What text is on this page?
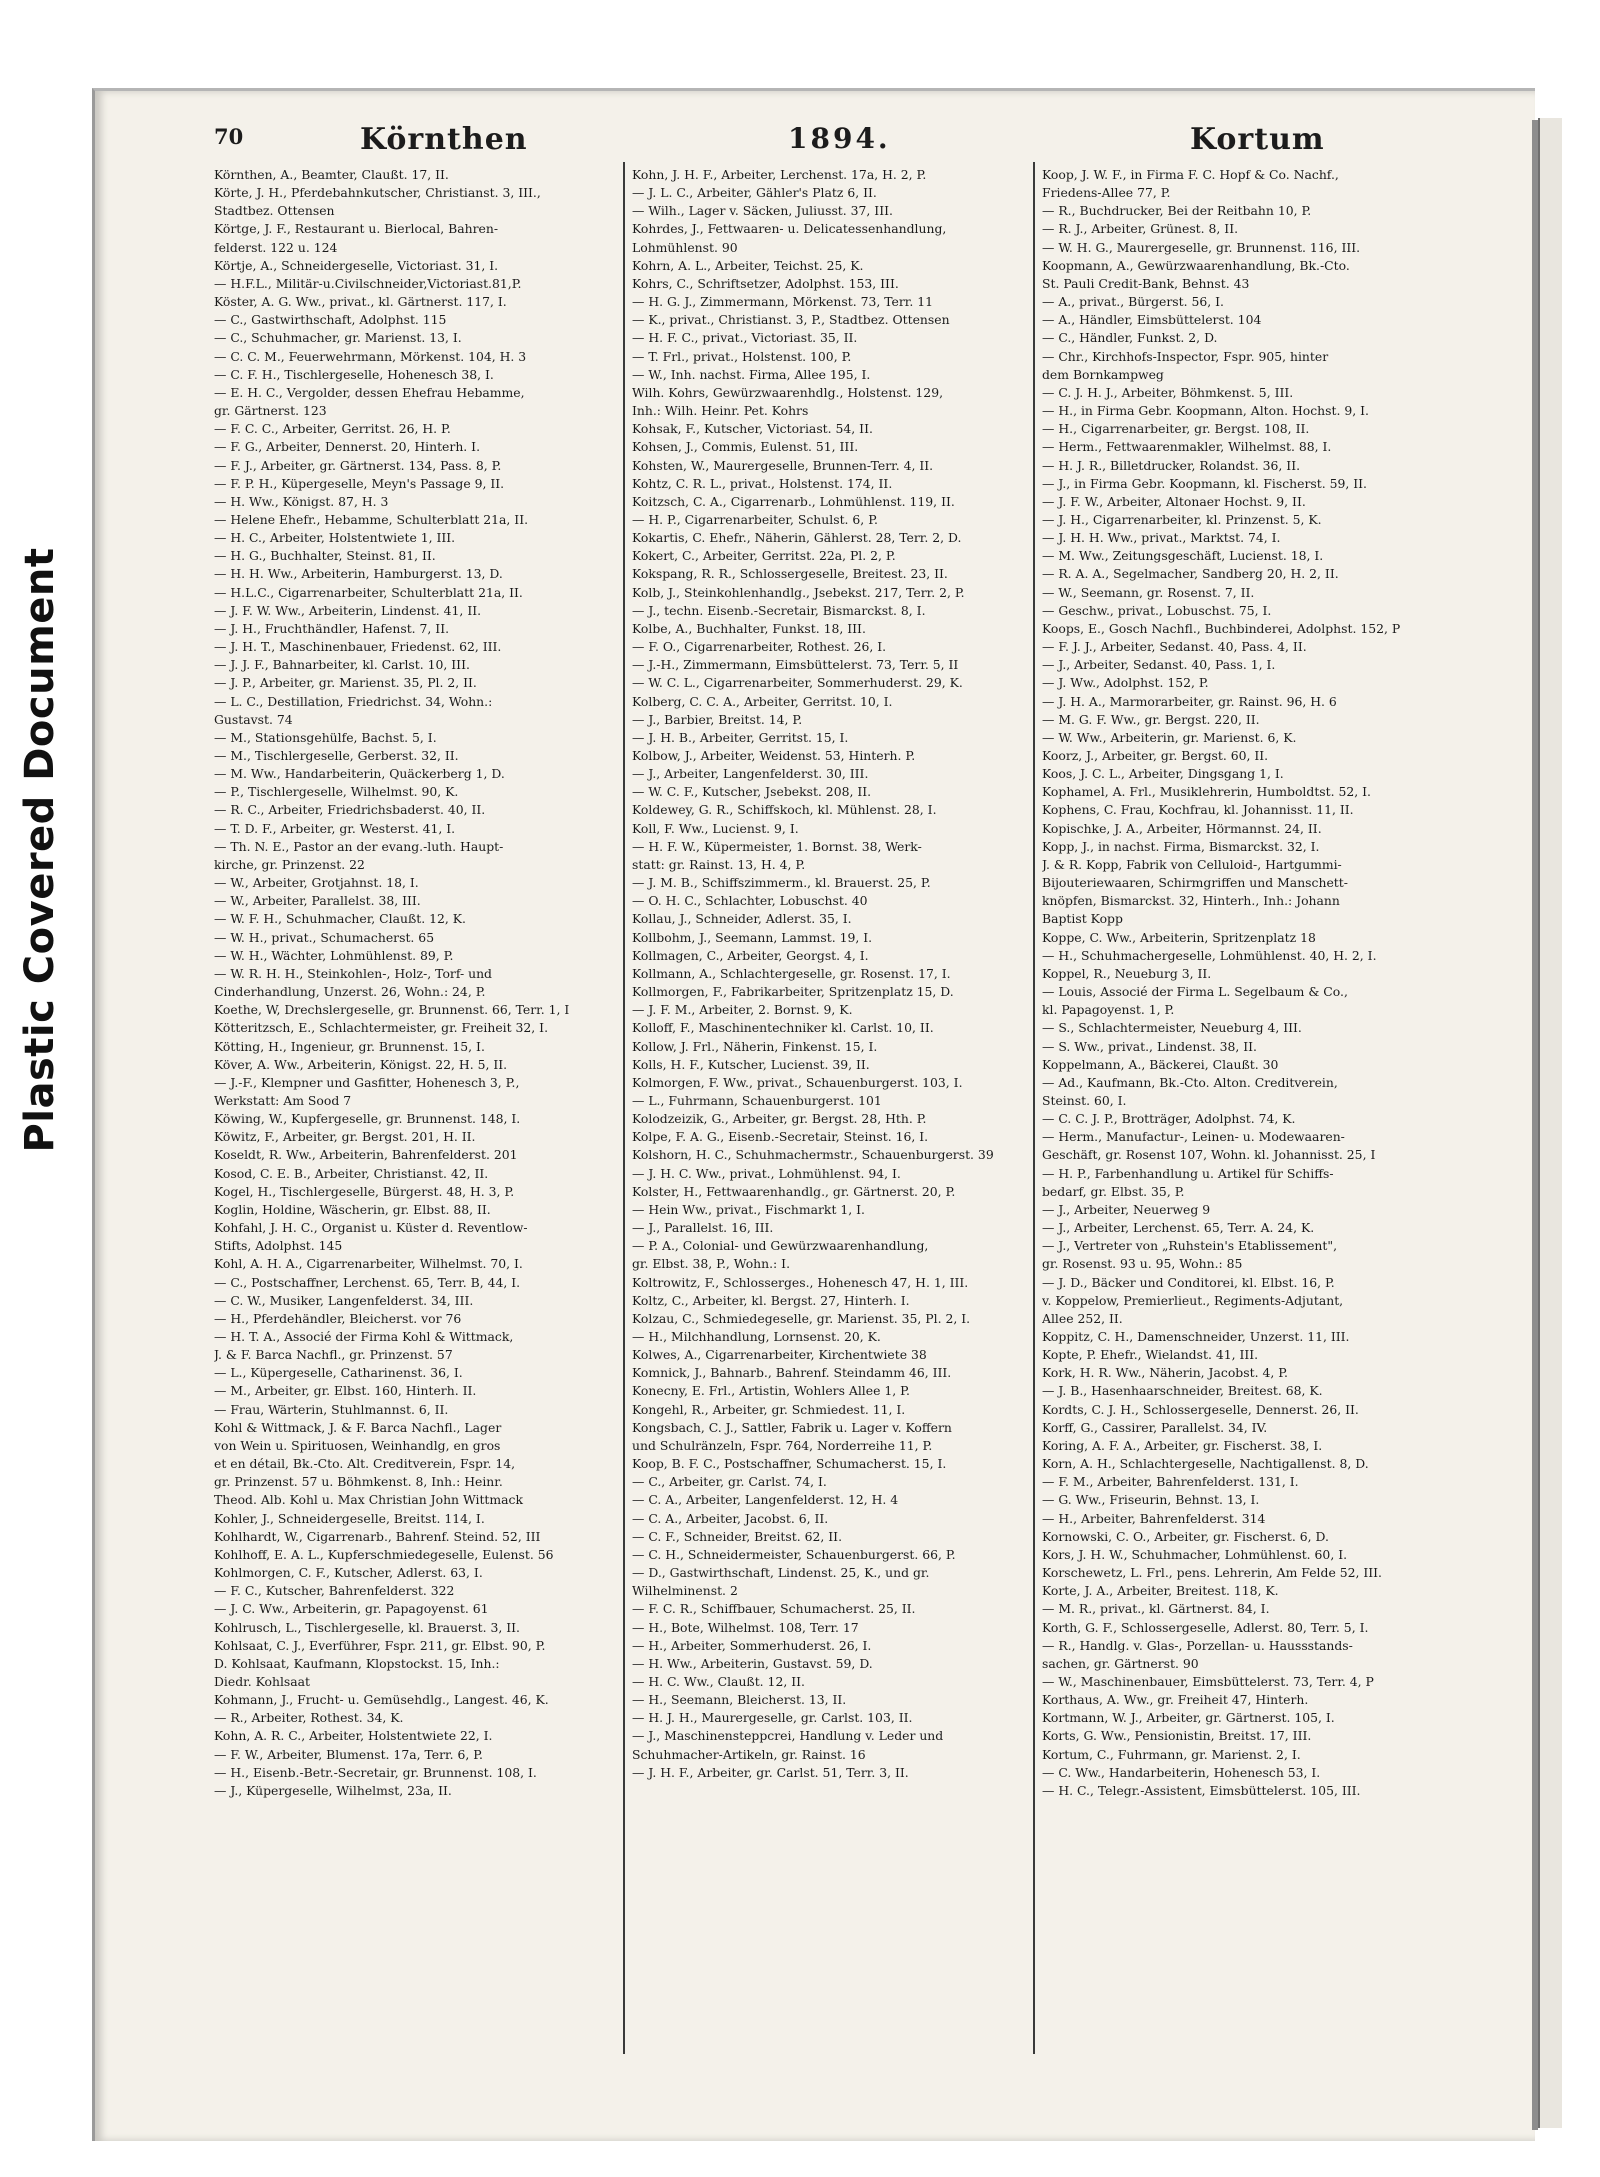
Plastic Covered Document
70	Körnthen	1894.	Kortum
Körnthen, A., Beamter, Claußt. 17, II.
Körte, J. H., Pferdebahnkutscher, Christianst. 3, III.,
Stadtbez. Ottensen
Körtge, J. F., Restaurant u. Bierlocal, Bahren-
felderst. 122 u. 124
Körtje, A., Schneidergeselle, Victoriast. 31, I.
— H.F.L., Militär-u.Civilschneider,Victoriast.81,P.
Köster, A. G. Ww., privat., kl. Gärtnerst. 117, I.
— C., Gastwirthschaft, Adolphst. 115
— C., Schuhmacher, gr. Marienst. 13, I.
— C. C. M., Feuerwehrmann, Mörkenst. 104, H. 3
— C. F. H., Tischlergeselle, Hohenesch 38, I.
— E. H. C., Vergolder, dessen Ehefrau Hebamme,
gr. Gärtnerst. 123
— F. C. C., Arbeiter, Gerritst. 26, H. P.
— F. G., Arbeiter, Dennerst. 20, Hinterh. I.
— F. J., Arbeiter, gr. Gärtnerst. 134, Pass. 8, P.
— F. P. H., Küpergeselle, Meyn's Passage 9, II.
— H. Ww., Königst. 87, H. 3
— Helene Ehefr., Hebamme, Schulterblatt 21a, II.
— H. C., Arbeiter, Holstentwiete 1, III.
— H. G., Buchhalter, Steinst. 81, II.
— H. H. Ww., Arbeiterin, Hamburgerst. 13, D.
— H.L.C., Cigarrenarbeiter, Schulterblatt 21a, II.
— J. F. W. Ww., Arbeiterin, Lindenst. 41, II.
— J. H., Fruchthändler, Hafenst. 7, II.
— J. H. T., Maschinenbauer, Friedenst. 62, III.
— J. J. F., Bahnarbeiter, kl. Carlst. 10, III.
— J. P., Arbeiter, gr. Marienst. 35, Pl. 2, II.
— L. C., Destillation, Friedrichst. 34, Wohn.:
Gustavst. 74
— M., Stationsgehülfe, Bachst. 5, I.
— M., Tischlergeselle, Gerberst. 32, II.
— M. Ww., Handarbeiterin, Quäckerberg 1, D.
— P., Tischlergeselle, Wilhelmst. 90, K.
— R. C., Arbeiter, Friedrichsbaderst. 40, II.
— T. D. F., Arbeiter, gr. Westerst. 41, I.
— Th. N. E., Pastor an der evang.-luth. Haupt-
kirche, gr. Prinzenst. 22
— W., Arbeiter, Grotjahnst. 18, I.
— W., Arbeiter, Parallelst. 38, III.
— W. F. H., Schuhmacher, Claußt. 12, K.
— W. H., privat., Schumacherst. 65
— W. H., Wächter, Lohmühlenst. 89, P.
— W. R. H. H., Steinkohlen-, Holz-, Torf- und
Cinderhandlung, Unzerst. 26, Wohn.: 24, P.
Koethe, W, Drechslergeselle, gr. Brunnenst. 66, Terr. 1, I
Kötteritzsch, E., Schlachtermeister, gr. Freiheit 32, I.
Kötting, H., Ingenieur, gr. Brunnenst. 15, I.
Köver, A. Ww., Arbeiterin, Königst. 22, H. 5, II.
— J.-F., Klempner und Gasfitter, Hohenesch 3, P.,
Werkstatt: Am Sood 7
Köwing, W., Kupfergeselle, gr. Brunnenst. 148, I.
Köwitz, F., Arbeiter, gr. Bergst. 201, H. II.
Koseldt, R. Ww., Arbeiterin, Bahrenfelderst. 201
Kosod, C. E. B., Arbeiter, Christianst. 42, II.
Kogel, H., Tischlergeselle, Bürgerst. 48, H. 3, P.
Koglin, Holdine, Wäscherin, gr. Elbst. 88, II.
Kohfahl, J. H. C., Organist u. Küster d. Reventlow-
Stifts, Adolphst. 145
Kohl, A. H. A., Cigarrenarbeiter, Wilhelmst. 70, I.
— C., Postschaffner, Lerchenst. 65, Terr. B, 44, I.
— C. W., Musiker, Langenfelderst. 34, III.
— H., Pferdehändler, Bleicherst. vor 76
— H. T. A., Associé der Firma Kohl & Wittmack,
J. & F. Barca Nachfl., gr. Prinzenst. 57
— L., Küpergeselle, Catharinenst. 36, I.
— M., Arbeiter, gr. Elbst. 160, Hinterh. II.
— Frau, Wärterin, Stuhlmannst. 6, II.
Kohl & Wittmack, J. & F. Barca Nachfl., Lager
von Wein u. Spirituosen, Weinhandlg, en gros
et en détail, Bk.-Cto. Alt. Creditverein, Fspr. 14,
gr. Prinzenst. 57 u. Böhmkenst. 8, Inh.: Heinr.
Theod. Alb. Kohl u. Max Christian John Wittmack
Kohler, J., Schneidergeselle, Breitst. 114, I.
Kohlhardt, W., Cigarrenarb., Bahrenf. Steind. 52, III
Kohlhoff, E. A. L., Kupferschmiedegeselle, Eulenst. 56
Kohlmorgen, C. F., Kutscher, Adlerst. 63, I.
— F. C., Kutscher, Bahrenfelderst. 322
— J. C. Ww., Arbeiterin, gr. Papagoyenst. 61
Kohlrusch, L., Tischlergeselle, kl. Brauerst. 3, II.
Kohlsaat, C. J., Everführer, Fspr. 211, gr. Elbst. 90, P.
D. Kohlsaat, Kaufmann, Klopstockst. 15, Inh.:
Diedr. Kohlsaat
Kohmann, J., Frucht- u. Gemüsehdlg., Langest. 46, K.
— R., Arbeiter, Rothest. 34, K.
Kohn, A. R. C., Arbeiter, Holstentwiete 22, I.
— F. W., Arbeiter, Blumenst. 17a, Terr. 6, P.
— H., Eisenb.-Betr.-Secretair, gr. Brunnenst. 108, I.
— J., Küpergeselle, Wilhelmst, 23a, II.
Kohn, J. H. F., Arbeiter, Lerchenst. 17a, H. 2, P.
— J. L. C., Arbeiter, Gähler's Platz 6, II.
— Wilh., Lager v. Säcken, Juliusst. 37, III.
Kohrdes, J., Fettwaaren- u. Delicatessenhandlung,
Lohmühlenst. 90
Kohrn, A. L., Arbeiter, Teichst. 25, K.
Kohrs, C., Schriftsetzer, Adolphst. 153, III.
— H. G. J., Zimmermann, Mörkenst. 73, Terr. 11
— K., privat., Christianst. 3, P., Stadtbez. Ottensen
— H. F. C., privat., Victoriast. 35, II.
— T. Frl., privat., Holstenst. 100, P.
— W., Inh. nachst. Firma, Allee 195, I.
Wilh. Kohrs, Gewürzwaarenhdlg., Holstenst. 129,
Inh.: Wilh. Heinr. Pet. Kohrs
Kohsak, F., Kutscher, Victoriast. 54, II.
Kohsen, J., Commis, Eulenst. 51, III.
Kohsten, W., Maurergeselle, Brunnen-Terr. 4, II.
Kohtz, C. R. L., privat., Holstenst. 174, II.
Koitzsch, C. A., Cigarrenarb., Lohmühlenst. 119, II.
— H. P., Cigarrenarbeiter, Schulst. 6, P.
Kokartis, C. Ehefr., Näherin, Gählerst. 28, Terr. 2, D.
Kokert, C., Arbeiter, Gerritst. 22a, Pl. 2, P.
Kokspang, R. R., Schlossergeselle, Breitest. 23, II.
Kolb, J., Steinkohlenhandlg., Jsebekst. 217, Terr. 2, P.
— J., techn. Eisenb.-Secretair, Bismarckst. 8, I.
Kolbe, A., Buchhalter, Funkst. 18, III.
— F. O., Cigarrenarbeiter, Rothest. 26, I.
— J.-H., Zimmermann, Eimsbüttelerst. 73, Terr. 5, II
— W. C. L., Cigarrenarbeiter, Sommerhuderst. 29, K.
Kolberg, C. C. A., Arbeiter, Gerritst. 10, I.
— J., Barbier, Breitst. 14, P.
— J. H. B., Arbeiter, Gerritst. 15, I.
Kolbow, J., Arbeiter, Weidenst. 53, Hinterh. P.
— J., Arbeiter, Langenfelderst. 30, III.
— W. C. F., Kutscher, Jsebekst. 208, II.
Koldewey, G. R., Schiffskoch, kl. Mühlenst. 28, I.
Koll, F. Ww., Lucienst. 9, I.
— H. F. W., Küpermeister, 1. Bornst. 38, Werk-
statt: gr. Rainst. 13, H. 4, P.
— J. M. B., Schiffszimmerm., kl. Brauerst. 25, P.
— O. H. C., Schlachter, Lobuschst. 40
Kollau, J., Schneider, Adlerst. 35, I.
Kollbohm, J., Seemann, Lammst. 19, I.
Kollmagen, C., Arbeiter, Georgst. 4, I.
Kollmann, A., Schlachtergeselle, gr. Rosenst. 17, I.
Kollmorgen, F., Fabrikarbeiter, Spritzenplatz 15, D.
— J. F. M., Arbeiter, 2. Bornst. 9, K.
Kolloff, F., Maschinentechniker kl. Carlst. 10, II.
Kollow, J. Frl., Näherin, Finkenst. 15, I.
Kolls, H. F., Kutscher, Lucienst. 39, II.
Kolmorgen, F. Ww., privat., Schauenburgerst. 103, I.
— L., Fuhrmann, Schauenburgerst. 101
Kolodzeizik, G., Arbeiter, gr. Bergst. 28, Hth. P.
Kolpe, F. A. G., Eisenb.-Secretair, Steinst. 16, I.
Kolshorn, H. C., Schuhmachermstr., Schauenburgerst. 39
— J. H. C. Ww., privat., Lohmühlenst. 94, I.
Kolster, H., Fettwaarenhandlg., gr. Gärtnerst. 20, P.
— Hein Ww., privat., Fischmarkt 1, I.
— J., Parallelst. 16, III.
— P. A., Colonial- und Gewürzwaarenhandlung,
gr. Elbst. 38, P., Wohn.: I.
Koltrowitz, F., Schlosserges., Hohenesch 47, H. 1, III.
Koltz, C., Arbeiter, kl. Bergst. 27, Hinterh. I.
Kolzau, C., Schmiedegeselle, gr. Marienst. 35, Pl. 2, I.
— H., Milchhandlung, Lornsenst. 20, K.
Kolwes, A., Cigarrenarbeiter, Kirchentwiete 38
Komnick, J., Bahnarb., Bahrenf. Steindamm 46, III.
Konecny, E. Frl., Artistin, Wohlers Allee 1, P.
Kongehl, R., Arbeiter, gr. Schmiedest. 11, I.
Kongsbach, C. J., Sattler, Fabrik u. Lager v. Koffern
und Schulränzeln, Fspr. 764, Norderreihe 11, P.
Koop, B. F. C., Postschaffner, Schumacherst. 15, I.
— C., Arbeiter, gr. Carlst. 74, I.
— C. A., Arbeiter, Langenfelderst. 12, H. 4
— C. A., Arbeiter, Jacobst. 6, II.
— C. F., Schneider, Breitst. 62, II.
— C. H., Schneidermeister, Schauenburgerst. 66, P.
— D., Gastwirthschaft, Lindenst. 25, K., und gr.
Wilhelminenst. 2
— F. C. R., Schiffbauer, Schumacherst. 25, II.
— H., Bote, Wilhelmst. 108, Terr. 17
— H., Arbeiter, Sommerhuderst. 26, I.
— H. Ww., Arbeiterin, Gustavst. 59, D.
— H. C. Ww., Claußt. 12, II.
— H., Seemann, Bleicherst. 13, II.
— H. J. H., Maurergeselle, gr. Carlst. 103, II.
— J., Maschinensteppcrei, Handlung v. Leder und
Schuhmacher-Artikeln, gr. Rainst. 16
— J. H. F., Arbeiter, gr. Carlst. 51, Terr. 3, II.
Koop, J. W. F., in Firma F. C. Hopf & Co. Nachf.,
Friedens-Allee 77, P.
— R., Buchdrucker, Bei der Reitbahn 10, P.
— R. J., Arbeiter, Grünest. 8, II.
— W. H. G., Maurergeselle, gr. Brunnenst. 116, III.
Koopmann, A., Gewürzwaarenhandlung, Bk.-Cto.
St. Pauli Credit-Bank, Behnst. 43
— A., privat., Bürgerst. 56, I.
— A., Händler, Eimsbüttelerst. 104
— C., Händler, Funkst. 2, D.
— Chr., Kirchhofs-Inspector, Fspr. 905, hinter
dem Bornkampweg
— C. J. H. J., Arbeiter, Böhmkenst. 5, III.
— H., in Firma Gebr. Koopmann, Alton. Hochst. 9, I.
— H., Cigarrenarbeiter, gr. Bergst. 108, II.
— Herm., Fettwaarenmakler, Wilhelmst. 88, I.
— H. J. R., Billetdrucker, Rolandst. 36, II.
— J., in Firma Gebr. Koopmann, kl. Fischerst. 59, II.
— J. F. W., Arbeiter, Altonaer Hochst. 9, II.
— J. H., Cigarrenarbeiter, kl. Prinzenst. 5, K.
— J. H. H. Ww., privat., Marktst. 74, I.
— M. Ww., Zeitungsgeschäft, Lucienst. 18, I.
— R. A. A., Segelmacher, Sandberg 20, H. 2, II.
— W., Seemann, gr. Rosenst. 7, II.
— Geschw., privat., Lobuschst. 75, I.
Koops, E., Gosch Nachfl., Buchbinderei, Adolphst. 152, P
— F. J. J., Arbeiter, Sedanst. 40, Pass. 4, II.
— J., Arbeiter, Sedanst. 40, Pass. 1, I.
— J. Ww., Adolphst. 152, P.
— J. H. A., Marmorarbeiter, gr. Rainst. 96, H. 6
— M. G. F. Ww., gr. Bergst. 220, II.
— W. Ww., Arbeiterin, gr. Marienst. 6, K.
Koorz, J., Arbeiter, gr. Bergst. 60, II.
Koos, J. C. L., Arbeiter, Dingsgang 1, I.
Kophamel, A. Frl., Musiklehrerin, Humboldtst. 52, I.
Kophens, C. Frau, Kochfrau, kl. Johannisst. 11, II.
Kopischke, J. A., Arbeiter, Hörmannst. 24, II.
Kopp, J., in nachst. Firma, Bismarckst. 32, I.
J. & R. Kopp, Fabrik von Celluloid-, Hartgummi-
Bijouteriewaaren, Schirmgriffen und Manschett-
knöpfen, Bismarckst. 32, Hinterh., Inh.: Johann
Baptist Kopp
Koppe, C. Ww., Arbeiterin, Spritzenplatz 18
— H., Schuhmachergeselle, Lohmühlenst. 40, H. 2, I.
Koppel, R., Neueburg 3, II.
— Louis, Associé der Firma L. Segelbaum & Co.,
kl. Papagoyenst. 1, P.
— S., Schlachtermeister, Neueburg 4, III.
— S. Ww., privat., Lindenst. 38, II.
Koppelmann, A., Bäckerei, Claußt. 30
— Ad., Kaufmann, Bk.-Cto. Alton. Creditverein,
Steinst. 60, I.
— C. C. J. P., Brotträger, Adolphst. 74, K.
— Herm., Manufactur-, Leinen- u. Modewaaren-
Geschäft, gr. Rosenst 107, Wohn. kl. Johannisst. 25, I
— H. P., Farbenhandlung u. Artikel für Schiffs-
bedarf, gr. Elbst. 35, P.
— J., Arbeiter, Neuerweg 9
— J., Arbeiter, Lerchenst. 65, Terr. A. 24, K.
— J., Vertreter von „Ruhstein's Etablissement",
gr. Rosenst. 93 u. 95, Wohn.: 85
— J. D., Bäcker und Conditorei, kl. Elbst. 16, P.
v. Koppelow, Premierlieut., Regiments-Adjutant,
Allee 252, II.
Koppitz, C. H., Damenschneider, Unzerst. 11, III.
Kopte, P. Ehefr., Wielandst. 41, III.
Kork, H. R. Ww., Näherin, Jacobst. 4, P.
— J. B., Hasenhaarschneider, Breitest. 68, K.
Kordts, C. J. H., Schlossergeselle, Dennerst. 26, II.
Korff, G., Cassirer, Parallelst. 34, IV.
Koring, A. F. A., Arbeiter, gr. Fischerst. 38, I.
Korn, A. H., Schlachtergeselle, Nachtigallenst. 8, D.
— F. M., Arbeiter, Bahrenfelderst. 131, I.
— G. Ww., Friseurin, Behnst. 13, I.
— H., Arbeiter, Bahrenfelderst. 314
Kornowski, C. O., Arbeiter, gr. Fischerst. 6, D.
Kors, J. H. W., Schuhmacher, Lohmühlenst. 60, I.
Korschewetz, L. Frl., pens. Lehrerin, Am Felde 52, III.
Korte, J. A., Arbeiter, Breitest. 118, K.
— M. R., privat., kl. Gärtnerst. 84, I.
Korth, G. F., Schlossergeselle, Adlerst. 80, Terr. 5, I.
— R., Handlg. v. Glas-, Porzellan- u. Haussstands-
sachen, gr. Gärtnerst. 90
— W., Maschinenbauer, Eimsbüttelerst. 73, Terr. 4, P
Korthaus, A. Ww., gr. Freiheit 47, Hinterh.
Kortmann, W. J., Arbeiter, gr. Gärtnerst. 105, I.
Korts, G. Ww., Pensionistin, Breitst. 17, III.
Kortum, C., Fuhrmann, gr. Marienst. 2, I.
— C. Ww., Handarbeiterin, Hohenesch 53, I.
— H. C., Telegr.-Assistent, Eimsbüttelerst. 105, III.
